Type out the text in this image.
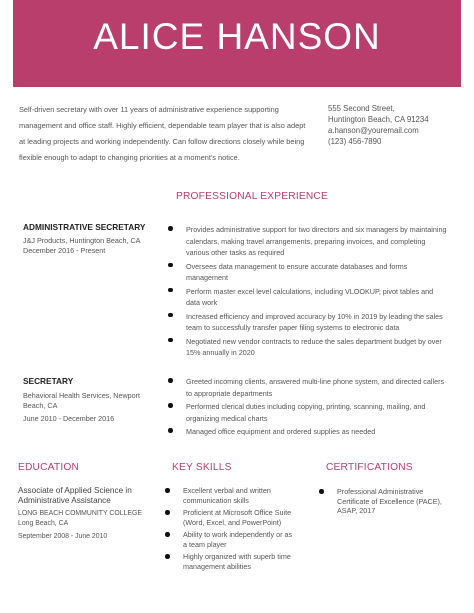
ALICE HANSON

Self-driven secretary with over 11 years of administrative experience supporting management and office staff. Highly efficient, dependable team player that is also adept at leading projects and working independently. Can follow directions closely while being flexible enough to adapt to changing priorities at a moment's notice.

555 Second Street,
Huntington Beach, CA 91234
a.hanson@youremail.com
(123) 456-7890
PROFESSIONAL EXPERIENCE
ADMINISTRATIVE SECRETARY
J&J Products, Huntington Beach, CA
December 2016 - Present
Provides administrative support for two directors and six managers by maintaining calendars, making travel arrangements, preparing invoices, and completing various other tasks as required
Oversees data management to ensure accurate databases and forms management
Perform master excel level calculations, including VLOOKUP, pivot tables and data work
Increased efficiency and improved accuracy by 10% in 2019 by leading the sales team to successfully transfer paper filing systems to electronic data
Negotiated new vendor contracts to reduce the sales department budget by over 15% annually in 2020
SECRETARY
Behavioral Health Services, Newport Beach, CA
June 2010 - December 2016
Greeted incoming clients, answered multi-line phone system, and directed callers to appropriate departments
Performed clerical duties including copying, printing, scanning, mailing, and organizing medical charts
Managed office equipment and ordered supplies as needed
EDUCATION
Associate of Applied Science in Administrative Assistance
LONG BEACH COMMUNITY COLLEGE
Long Beach, CA
September 2008 - June 2010
KEY SKILLS
Excellent verbal and written communication skills
Proficient at Microsoft Office Suite (Word, Excel, and PowerPoint)
Ability to work independently or as a team player
Highly organized with superb time management abilities
CERTIFICATIONS
Professional Administrative Certificate of Excellence (PACE), ASAP, 2017
